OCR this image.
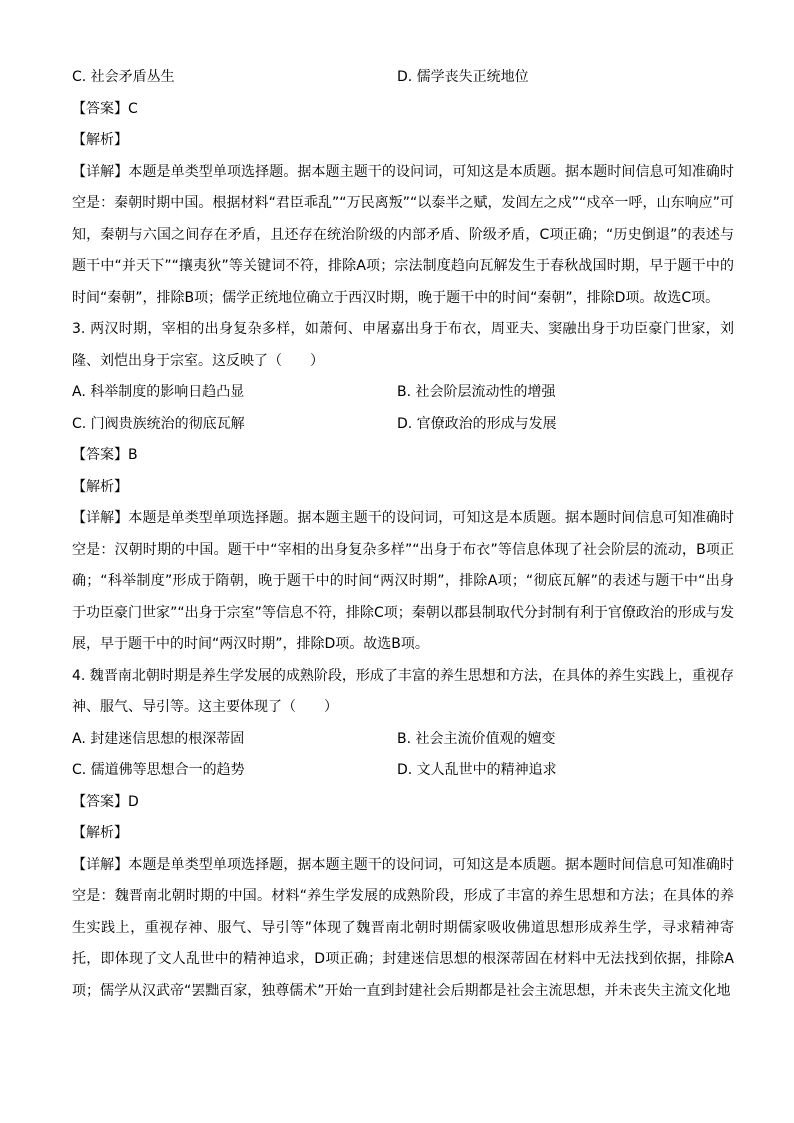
C. 社会矛盾丛生	D. 儒学丧失正统地位
【答案】C
【解析】
【详解】本题是单类型单项选择题。据本题主题干的设问词，可知这是本质题。据本题时间信息可知准确时空是：秦朝时期中国。根据材料“君臣乖乱”“万民离叛”“以泰半之赋，发闾左之戍”“戍卒一呼，山东响应”可知，秦朝与六国之间存在矛盾，且还存在统治阶级的内部矛盾、阶级矛盾，C项正确；“历史倒退”的表述与题干中“并天下”“攘夷狄”等关键词不符，排除A项；宗法制度趋向瓦解发生于春秋战国时期，早于题干中的时间“秦朝”，排除B项；儒学正统地位确立于西汉时期，晚于题干中的时间“秦朝”，排除D项。故选C项。
3. 两汉时期，宰相的出身复杂多样，如萧何、申屠嘉出身于布衣，周亚夫、窦融出身于功臣豪门世家，刘隆、刘恺出身于宗室。这反映了（　　）
A. 科举制度的影响日趋凸显	B. 社会阶层流动性的增强
C. 门阀贵族统治的彻底瓦解	D. 官僚政治的形成与发展
【答案】B
【解析】
【详解】本题是单类型单项选择题。据本题主题干的设问词，可知这是本质题。据本题时间信息可知准确时空是：汉朝时期的中国。题干中“宰相的出身复杂多样”“出身于布衣”等信息体现了社会阶层的流动，B项正确；“科举制度”形成于隋朝，晚于题干中的时间“两汉时期”，排除A项；“彻底瓦解”的表述与题干中“出身于功臣豪门世家”“出身于宗室”等信息不符，排除C项；秦朝以郡县制取代分封制有利于官僚政治的形成与发展，早于题干中的时间“两汉时期”，排除D项。故选B项。
4. 魏晋南北朝时期是养生学发展的成熟阶段，形成了丰富的养生思想和方法，在具体的养生实践上，重视存神、服气、导引等。这主要体现了（　　）
A. 封建迷信思想的根深蒂固	B. 社会主流价值观的嬗变
C. 儒道佛等思想合一的趋势	D. 文人乱世中的精神追求
【答案】D
【解析】
【详解】本题是单类型单项选择题，据本题主题干的设问词，可知这是本质题。据本题时间信息可知准确时空是：魏晋南北朝时期的中国。材料“养生学发展的成熟阶段，形成了丰富的养生思想和方法；在具体的养生实践上，重视存神、服气、导引等”体现了魏晋南北朝时期儒家吸收佛道思想形成养生学，寻求精神寄托，即体现了文人乱世中的精神追求，D项正确；封建迷信思想的根深蒂固在材料中无法找到依据，排除A项；儒学从汉武帝“罢黜百家，独尊儒术”开始一直到封建社会后期都是社会主流思想，并未丧失主流文化地
